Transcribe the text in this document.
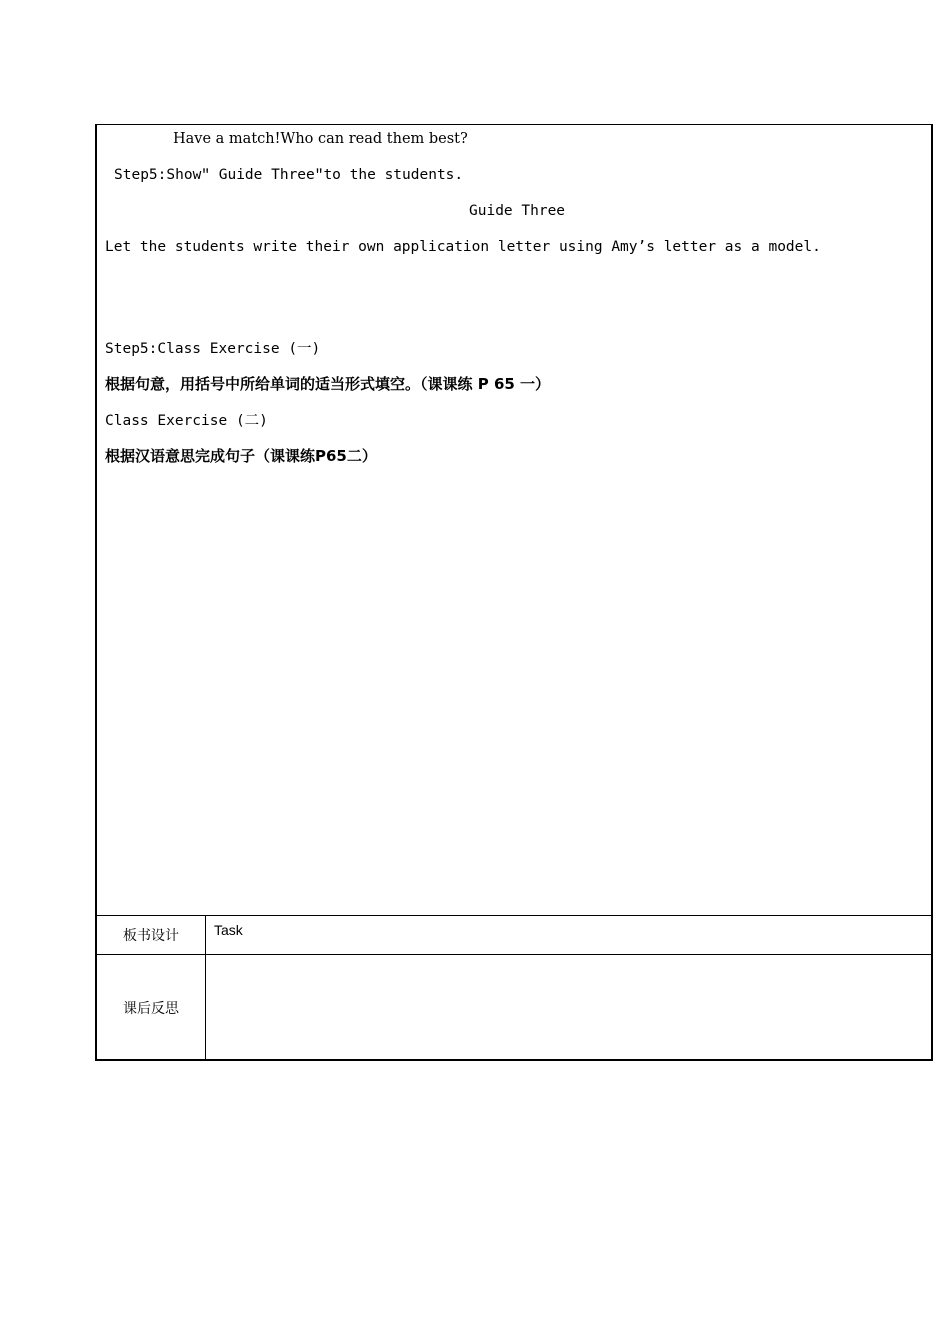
Have a match!Who can read them best?
Step5:Showʺ Guide Threeʺto the students.
Guide Three
Let the students write their own application letter using Amy’s letter as a model.
Step5:Class Exercise (一)
根据句意，用括号中所给单词的适当形式填空。（课课练 P 65 一）
Class Exercise (二)
根据汉语意思完成句子（课课练P65二）
板书设计	Task
课后反思
